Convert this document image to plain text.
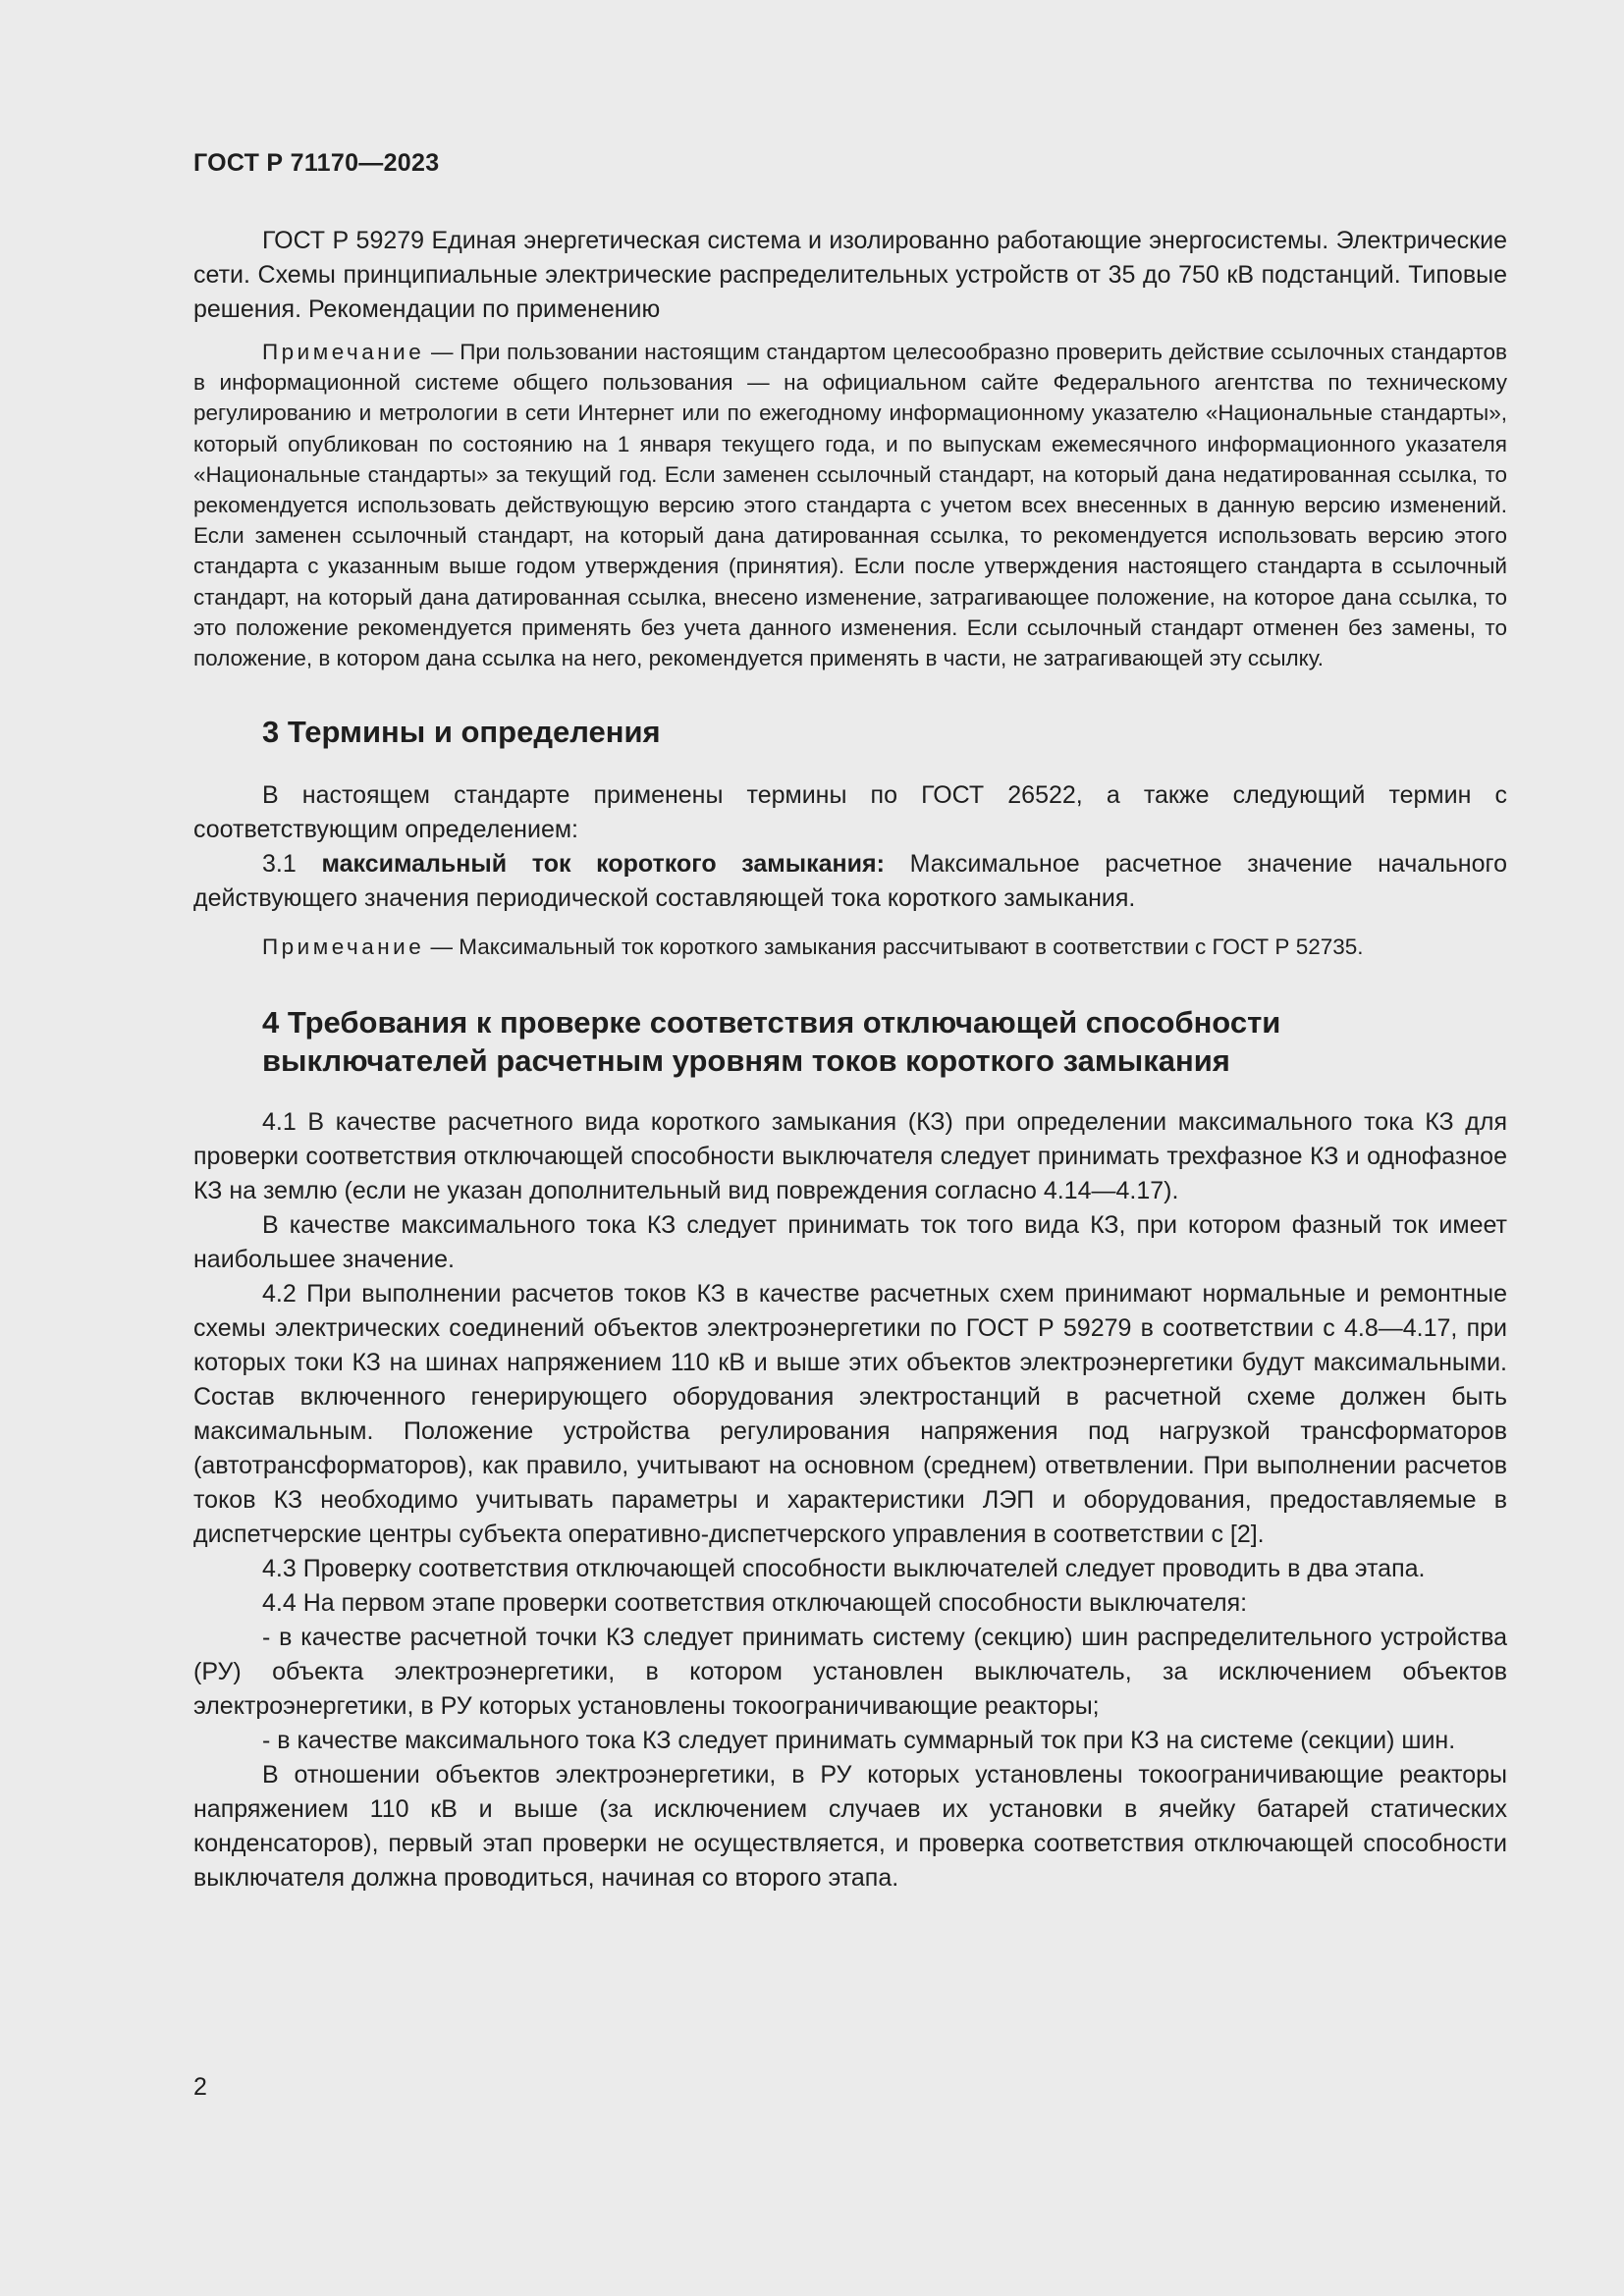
ГОСТ Р 71170—2023

ГОСТ Р 59279 Единая энергетическая система и изолированно работающие энергосистемы. Электрические сети. Схемы принципиальные электрические распределительных устройств от 35 до 750 кВ подстанций. Типовые решения. Рекомендации по применению

Примечание — При пользовании настоящим стандартом целесообразно проверить действие ссылочных стандартов в информационной системе общего пользования — на официальном сайте Федерального агентства по техническому регулированию и метрологии в сети Интернет или по ежегодному информационному указателю «Национальные стандарты», который опубликован по состоянию на 1 января текущего года, и по выпускам ежемесячного информационного указателя «Национальные стандарты» за текущий год. Если заменен ссылочный стандарт, на который дана недатированная ссылка, то рекомендуется использовать действующую версию этого стандарта с учетом всех внесенных в данную версию изменений. Если заменен ссылочный стандарт, на который дана датированная ссылка, то рекомендуется использовать версию этого стандарта с указанным выше годом утверждения (принятия). Если после утверждения настоящего стандарта в ссылочный стандарт, на который дана датированная ссылка, внесено изменение, затрагивающее положение, на которое дана ссылка, то это положение рекомендуется применять без учета данного изменения. Если ссылочный стандарт отменен без замены, то положение, в котором дана ссылка на него, рекомендуется применять в части, не затрагивающей эту ссылку.

3 Термины и определения

В настоящем стандарте применены термины по ГОСТ 26522, а также следующий термин с соответствующим определением:

3.1 максимальный ток короткого замыкания: Максимальное расчетное значение начального действующего значения периодической составляющей тока короткого замыкания.

Примечание — Максимальный ток короткого замыкания рассчитывают в соответствии с ГОСТ Р 52735.

4 Требования к проверке соответствия отключающей способности выключателей расчетным уровням токов короткого замыкания

4.1 В качестве расчетного вида короткого замыкания (КЗ) при определении максимального тока КЗ для проверки соответствия отключающей способности выключателя следует принимать трехфазное КЗ и однофазное КЗ на землю (если не указан дополнительный вид повреждения согласно 4.14—4.17).

В качестве максимального тока КЗ следует принимать ток того вида КЗ, при котором фазный ток имеет наибольшее значение.

4.2 При выполнении расчетов токов КЗ в качестве расчетных схем принимают нормальные и ремонтные схемы электрических соединений объектов электроэнергетики по ГОСТ Р 59279 в соответствии с 4.8—4.17, при которых токи КЗ на шинах напряжением 110 кВ и выше этих объектов электроэнергетики будут максимальными. Состав включенного генерирующего оборудования электростанций в расчетной схеме должен быть максимальным. Положение устройства регулирования напряжения под нагрузкой трансформаторов (автотрансформаторов), как правило, учитывают на основном (среднем) ответвлении. При выполнении расчетов токов КЗ необходимо учитывать параметры и характеристики ЛЭП и оборудования, предоставляемые в диспетчерские центры субъекта оперативно-диспетчерского управления в соответствии с [2].

4.3 Проверку соответствия отключающей способности выключателей следует проводить в два этапа.

4.4 На первом этапе проверки соответствия отключающей способности выключателя:

- в качестве расчетной точки КЗ следует принимать систему (секцию) шин распределительного устройства (РУ) объекта электроэнергетики, в котором установлен выключатель, за исключением объектов электроэнергетики, в РУ которых установлены токоограничивающие реакторы;

- в качестве максимального тока КЗ следует принимать суммарный ток при КЗ на системе (секции) шин.

В отношении объектов электроэнергетики, в РУ которых установлены токоограничивающие реакторы напряжением 110 кВ и выше (за исключением случаев их установки в ячейку батарей статических конденсаторов), первый этап проверки не осуществляется, и проверка соответствия отключающей способности выключателя должна проводиться, начиная со второго этапа.

2
